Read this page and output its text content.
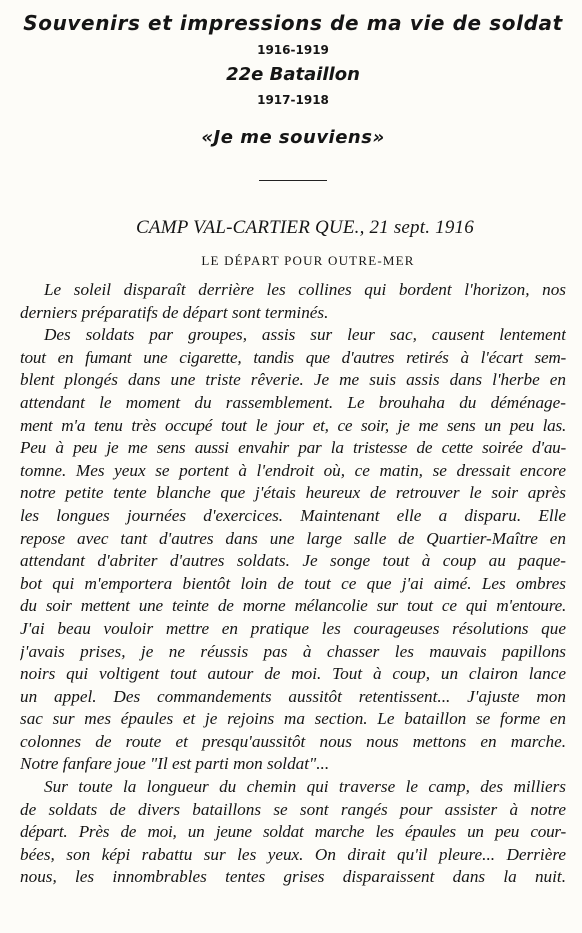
Souvenirs et impressions de ma vie de soldat
1916-1919
22e Bataillon
1917-1918
«Je me souviens»
CAMP VAL-CARTIER QUE., 21 sept. 1916
LE DÉPART POUR OUTRE-MER
Le soleil disparaît derrière les collines qui bordent l'horizon, nos
derniers préparatifs de départ sont terminés.
Des soldats par groupes, assis sur leur sac, causent lentement
tout en fumant une cigarette, tandis que d'autres retirés à l'écart sem-
blent plongés dans une triste rêverie. Je me suis assis dans l'herbe en
attendant le moment du rassemblement. Le brouhaha du déménage-
ment m'a tenu très occupé tout le jour et, ce soir, je me sens un peu las.
Peu à peu je me sens aussi envahir par la tristesse de cette soirée d'au-
tomne. Mes yeux se portent à l'endroit où, ce matin, se dressait encore
notre petite tente blanche que j'étais heureux de retrouver le soir après
les longues journées d'exercices. Maintenant elle a disparu. Elle
repose avec tant d'autres dans une large salle de Quartier-Maître en
attendant d'abriter d'autres soldats. Je songe tout à coup au paque-
bot qui m'emportera bientôt loin de tout ce que j'ai aimé. Les ombres
du soir mettent une teinte de morne mélancolie sur tout ce qui m'entoure.
J'ai beau vouloir mettre en pratique les courageuses résolutions que
j'avais prises, je ne réussis pas à chasser les mauvais papillons
noirs qui voltigent tout autour de moi. Tout à coup, un clairon lance
un appel. Des commandements aussitôt retentissent... J'ajuste mon
sac sur mes épaules et je rejoins ma section. Le bataillon se forme en
colonnes de route et presqu'aussitôt nous nous mettons en marche.
Notre fanfare joue "Il est parti mon soldat"...
Sur toute la longueur du chemin qui traverse le camp, des milliers
de soldats de divers bataillons se sont rangés pour assister à notre
départ. Près de moi, un jeune soldat marche les épaules un peu cour-
bées, son képi rabattu sur les yeux. On dirait qu'il pleure... Derrière
nous, les innombrables tentes grises disparaissent dans la nuit.
